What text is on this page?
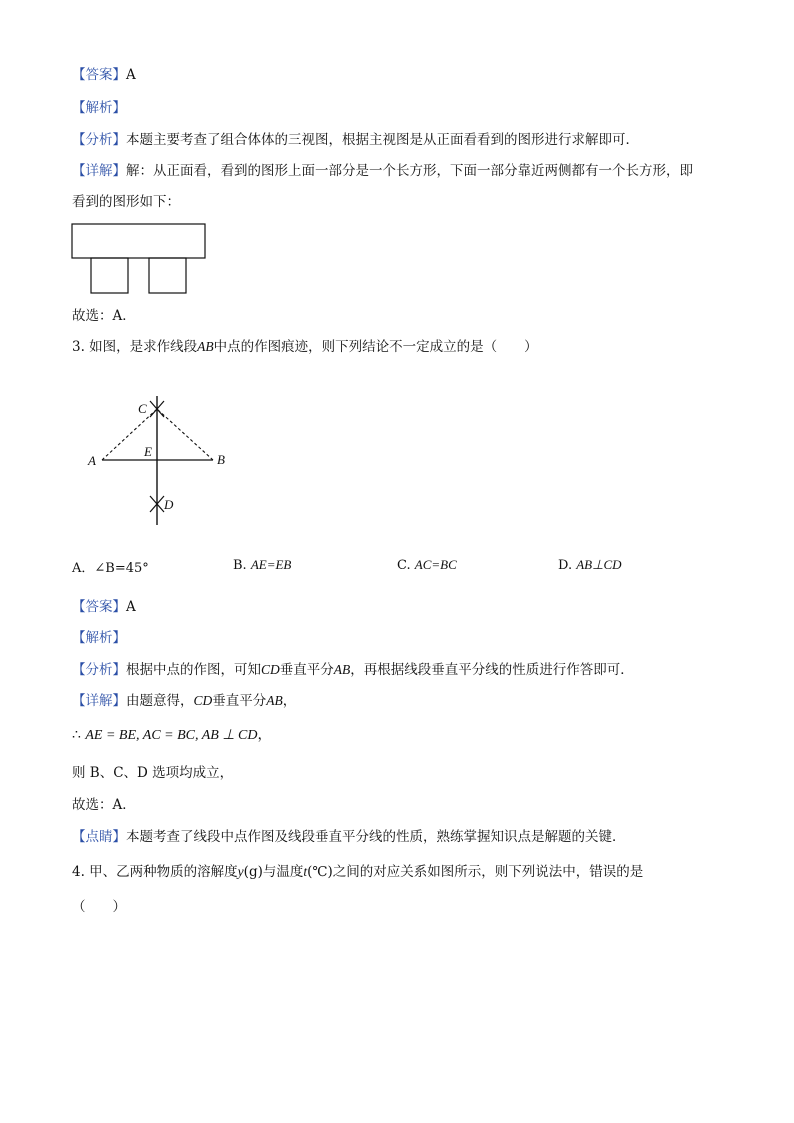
【答案】A
【解析】
【分析】本题主要考查了组合体体的三视图，根据主视图是从正面看看到的图形进行求解即可．
【详解】解：从正面看，看到的图形上面一部分是一个长方形，下面一部分靠近两侧都有一个长方形，即
看到的图形如下：
故选：A．
3. 如图，是求作线段AB中点的作图痕迹，则下列结论不一定成立的是（　　）
C
A	B
E
D
A．∠B=45°	B. AE=EB	C. AC=BC	D. AB⊥CD
【答案】A
【解析】
【分析】根据中点的作图，可知CD垂直平分AB，再根据线段垂直平分线的性质进行作答即可．
【详解】由题意得，CD垂直平分AB，
∴ AE = BE, AC = BC, AB ⊥ CD，
则 B、C、D 选项均成立，
故选：A．
【点睛】本题考查了线段中点作图及线段垂直平分线的性质，熟练掌握知识点是解题的关键．
4. 甲、乙两种物质的溶解度y(g)与温度t(℃)之间的对应关系如图所示，则下列说法中，错误的是
（　　）
